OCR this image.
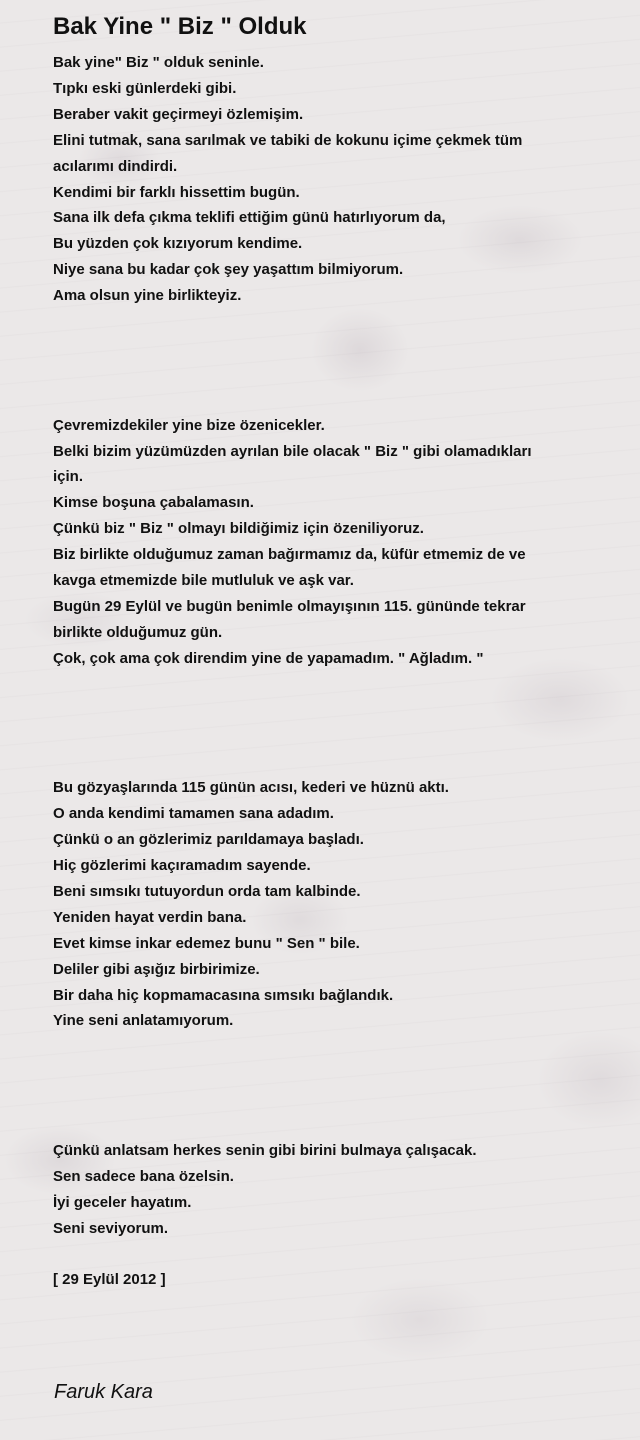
Bak Yine " Biz " Olduk

Bak yine" Biz " olduk seninle.
Tıpkı eski günlerdeki gibi.
Beraber vakit geçirmeyi özlemişim.
Elini tutmak, sana sarılmak ve tabiki de kokunu içime çekmek tüm
acılarımı dindirdi.
Kendimi bir farklı hissettim bugün.
Sana ilk defa çıkma teklifi ettiğim günü hatırlıyorum da,
Bu yüzden çok kızıyorum kendime.
Niye sana bu kadar çok şey yaşattım bilmiyorum.
Ama olsun yine birlikteyiz.

Çevremizdekiler yine bize özenicekler.
Belki bizim yüzümüzden ayrılan bile olacak " Biz " gibi olamadıkları
için.
Kimse boşuna çabalamasın.
Çünkü biz " Biz " olmayı bildiğimiz için özeniliyoruz.
Biz birlikte olduğumuz zaman bağırmamız da, küfür etmemiz de ve
kavga etmemizde bile mutluluk ve aşk var.
Bugün 29 Eylül ve bugün benimle olmayışının 115. gününde tekrar
birlikte olduğumuz gün.
Çok, çok ama çok direndim yine de yapamadım. " Ağladım. "

Bu gözyaşlarında 115 günün acısı, kederi ve hüznü aktı.
O anda kendimi tamamen sana adadım.
Çünkü o an gözlerimiz parıldamaya başladı.
Hiç gözlerimi kaçıramadım sayende.
Beni sımsıkı tutuyordun orda tam kalbinde.
Yeniden hayat verdin bana.
Evet kimse inkar edemez bunu " Sen " bile.
Deliler gibi aşığız birbirimize.
Bir daha hiç kopmamacasına sımsıkı bağlandık.
Yine seni anlatamıyorum.

Çünkü anlatsam herkes senin gibi birini bulmaya çalışacak.
Sen sadece bana özelsin.
İyi geceler hayatım.
Seni seviyorum.

[ 29 Eylül 2012 ]

Faruk Kara
